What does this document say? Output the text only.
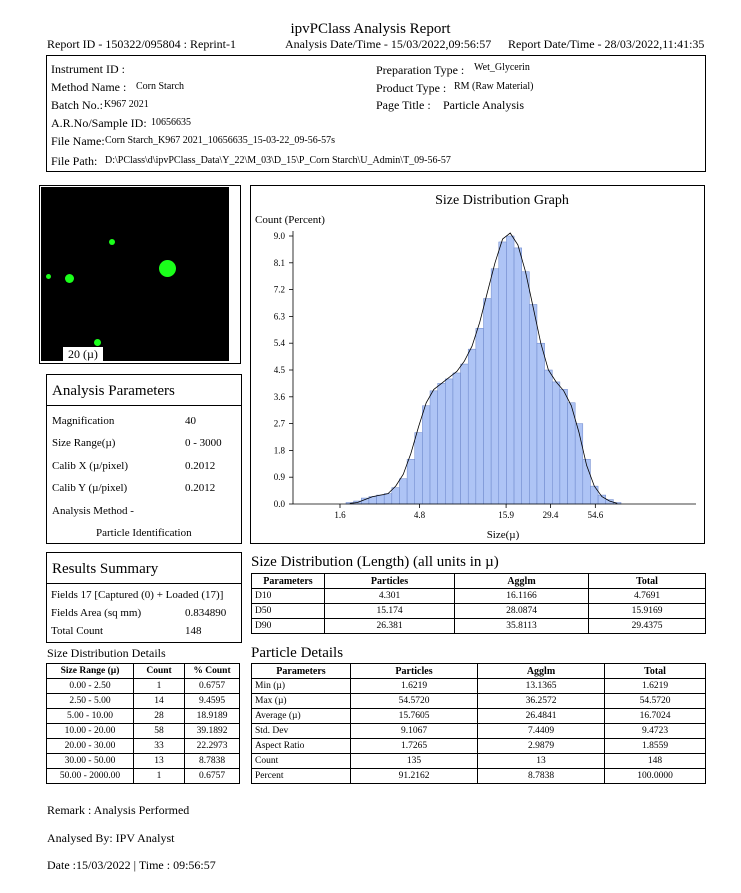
ipvPClass Analysis Report
Report ID - 150322/095804 : Reprint-1	Analysis Date/Time - 15/03/2022,09:56:57 Report Date/Time - 28/03/2022,11:41:35
Instrument ID :
Method Name : Corn Starch
Batch No.: K967 2021
A.R.No/Sample ID: 10656635
File Name: Corn Starch_K967 2021_10656635_15-03-22_09-56-57s
File Path: D:\PClass\d\ipvPClass_Data\Y_22\M_03\D_15\P_Corn Starch\U_Admin\T_09-56-57
Preparation Type : Wet_Glycerin
Product Type : RM (Raw Material)
Page Title : Particle Analysis
20 (µ)
Analysis Parameters
Magnification	40
Size Range(µ)	0 - 3000
Calib X (µ/pixel)	0.2012
Calib Y (µ/pixel)	0.2012
Analysis Method -
Particle Identification
Size Distribution Graph
Count (Percent)
Size(µ)
0.0
0.9
1.8
2.7
3.6
4.5
5.4
6.3
7.2
8.1
9.0
1.6	4.8	15.9	29.4	54.6
Results Summary
Fields 17 [Captured (0) + Loaded (17)]
Fields Area (sq mm)	0.834890
Total Count	148
Size Distribution Details
Size Range (µ)	Count	% Count
0.00 - 2.50	1	0.6757
2.50 - 5.00	14	9.4595
5.00 - 10.00	28	18.9189
10.00 - 20.00	58	39.1892
20.00 - 30.00	33	22.2973
30.00 - 50.00	13	8.7838
50.00 - 2000.00	1	0.6757
Size Distribution (Length) (all units in µ)
Parameters	Particles	Agglm	Total
D10	4.301	16.1166	4.7691
D50	15.174	28.0874	15.9169
D90	26.381	35.8113	29.4375
Particle Details
Parameters	Particles	Agglm	Total
Min (µ)	1.6219	13.1365	1.6219
Max (µ)	54.5720	36.2572	54.5720
Average (µ)	15.7605	26.4841	16.7024
Std. Dev	9.1067	7.4409	9.4723
Aspect Ratio	1.7265	2.9879	1.8559
Count	135	13	148
Percent	91.2162	8.7838	100.0000
Remark : Analysis Performed
Analysed By: IPV Analyst
Date :15/03/2022 | Time : 09:56:57
